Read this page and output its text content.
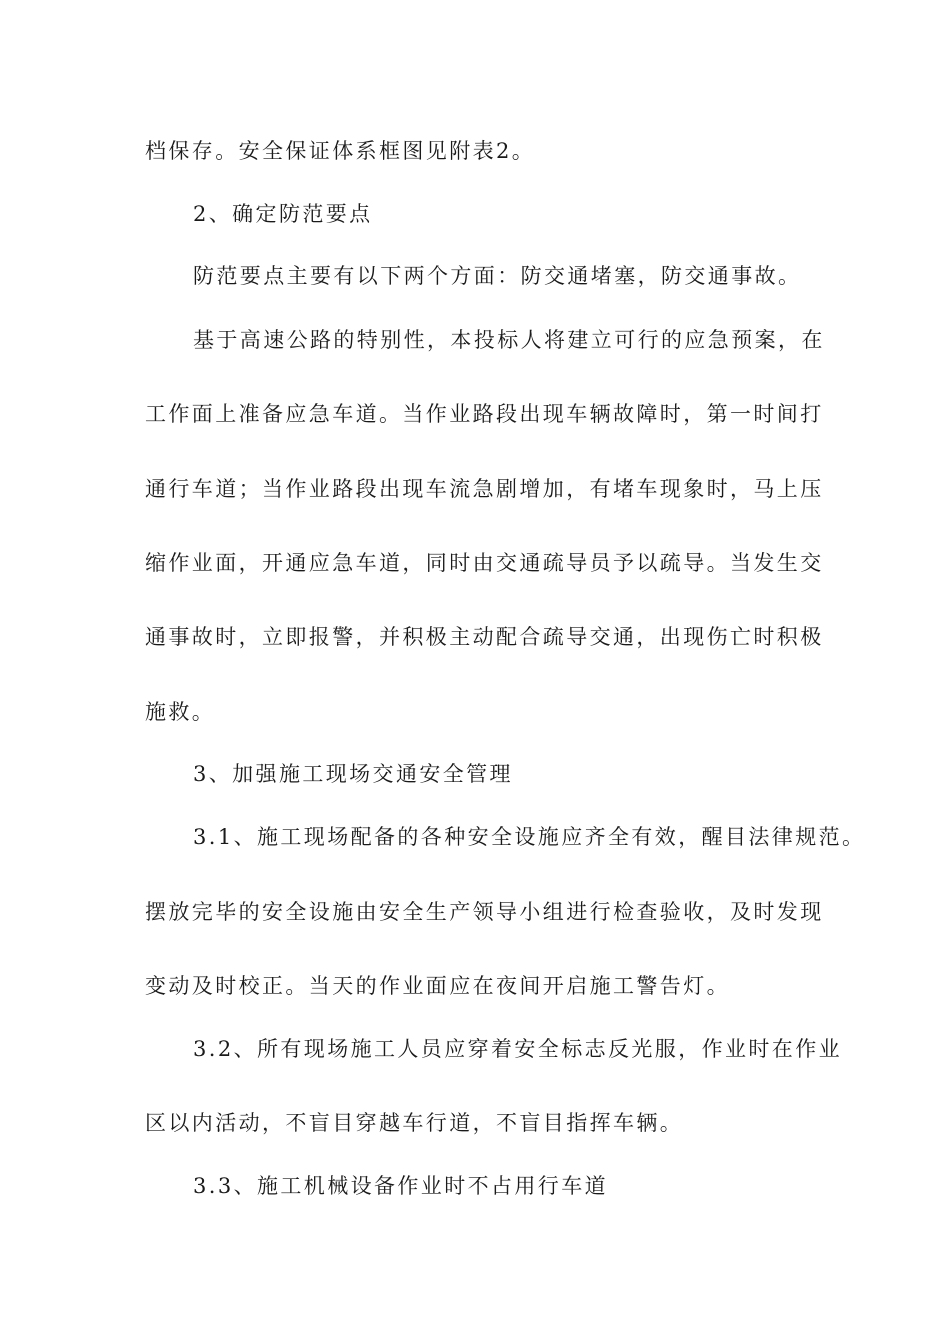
档保存。安全保证体系框图见附表2。
2、确定防范要点
防范要点主要有以下两个方面：防交通堵塞，防交通事故。
基于高速公路的特别性，本投标人将建立可行的应急预案，在
工作面上准备应急车道。当作业路段出现车辆故障时，第一时间打
通行车道；当作业路段出现车流急剧增加，有堵车现象时，马上压
缩作业面，开通应急车道，同时由交通疏导员予以疏导。当发生交
通事故时，立即报警，并积极主动配合疏导交通，出现伤亡时积极
施救。
3、加强施工现场交通安全管理
3.1、施工现场配备的各种安全设施应齐全有效，醒目法律规范。
摆放完毕的安全设施由安全生产领导小组进行检查验收，及时发现
变动及时校正。当天的作业面应在夜间开启施工警告灯。
3.2、所有现场施工人员应穿着安全标志反光服，作业时在作业
区以内活动，不盲目穿越车行道，不盲目指挥车辆。
3.3、施工机械设备作业时不占用行车道
